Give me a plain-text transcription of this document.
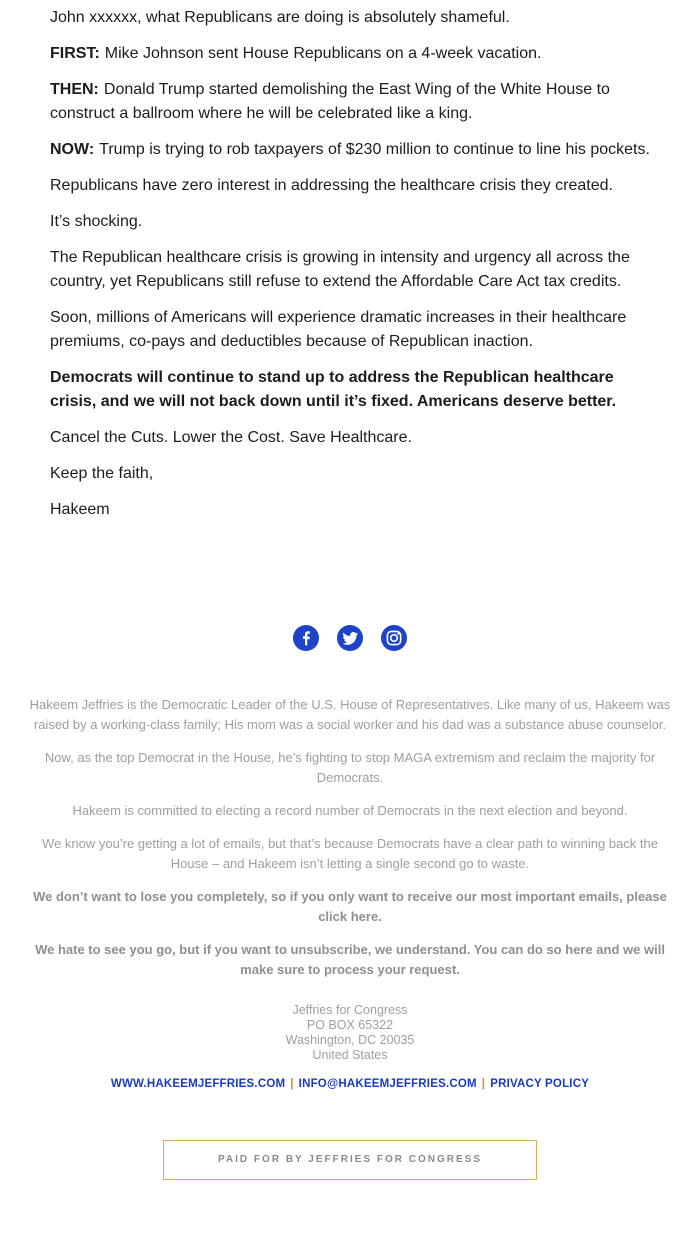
John xxxxxx, what Republicans are doing is absolutely shameful.

FIRST: Mike Johnson sent House Republicans on a 4-week vacation.

THEN: Donald Trump started demolishing the East Wing of the White House to construct a ballroom where he will be celebrated like a king.

NOW: Trump is trying to rob taxpayers of $230 million to continue to line his pockets.

Republicans have zero interest in addressing the healthcare crisis they created.

It’s shocking.

The Republican healthcare crisis is growing in intensity and urgency all across the country, yet Republicans still refuse to extend the Affordable Care Act tax credits.

Soon, millions of Americans will experience dramatic increases in their healthcare premiums, co-pays and deductibles because of Republican inaction.

Democrats will continue to stand up to address the Republican healthcare crisis, and we will not back down until it’s fixed. Americans deserve better.

Cancel the Cuts. Lower the Cost. Save Healthcare.

Keep the faith,

Hakeem

Hakeem Jeffries is the Democratic Leader of the U.S. House of Representatives. Like many of us, Hakeem was raised by a working-class family; His mom was a social worker and his dad was a substance abuse counselor.

Now, as the top Democrat in the House, he’s fighting to stop MAGA extremism and reclaim the majority for Democrats.

Hakeem is committed to electing a record number of Democrats in the next election and beyond.

We know you’re getting a lot of emails, but that’s because Democrats have a clear path to winning back the House – and Hakeem isn’t letting a single second go to waste.

We don’t want to lose you completely, so if you only want to receive our most important emails, please click here.

We hate to see you go, but if you want to unsubscribe, we understand. You can do so here and we will make sure to process your request.

Jeffries for Congress
PO BOX 65322
Washington, DC 20035
United States
WWW.HAKEEMJEFFRIES.COM | INFO@HAKEEMJEFFRIES.COM | PRIVACY POLICY
PAID FOR BY JEFFRIES FOR CONGRESS
